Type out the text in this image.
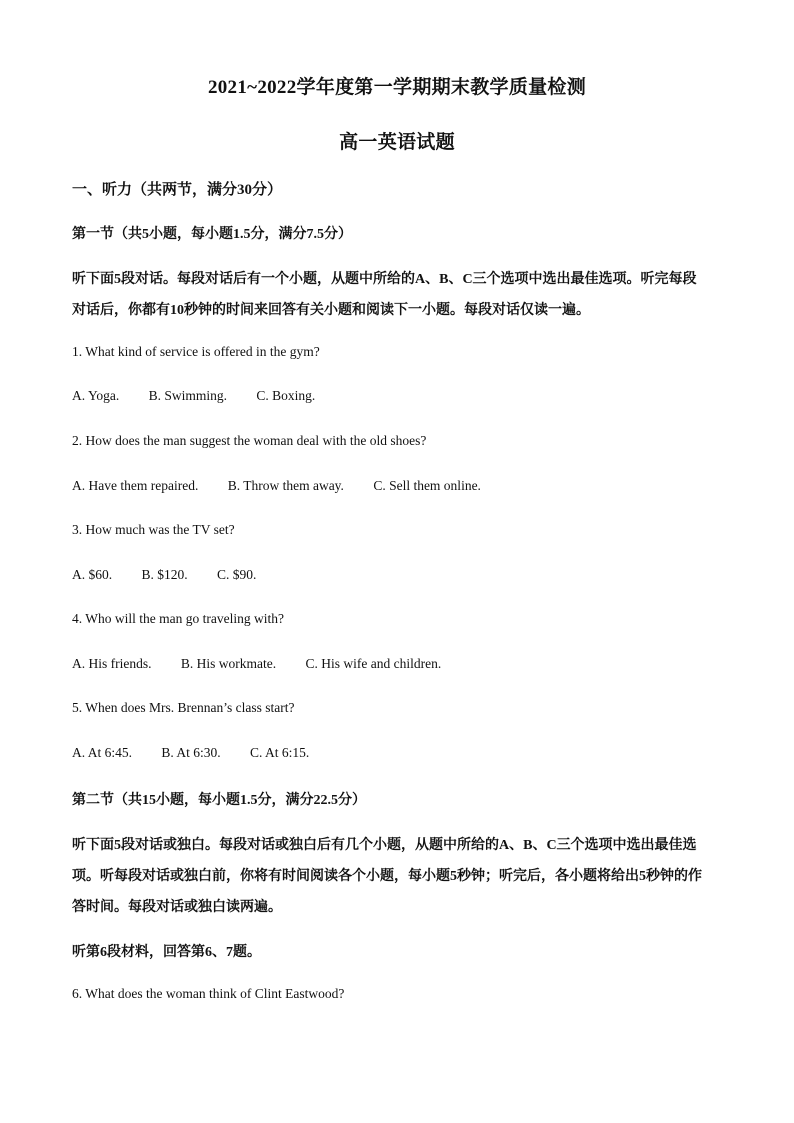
2021~2022学年度第一学期期末教学质量检测
高一英语试题
一、听力（共两节，满分30分）
第一节（共5小题，每小题1.5分，满分7.5分）
听下面5段对话。每段对话后有一个小题，从题中所给的A、B、C三个选项中选出最佳选项。听完每段
对话后，你都有10秒钟的时间来回答有关小题和阅读下一小题。每段对话仅读一遍。
1. What kind of service is offered in the gym?
A. Yoga. B. Swimming. C. Boxing.
2. How does the man suggest the woman deal with the old shoes?
A. Have them repaired. B. Throw them away. C. Sell them online.
3. How much was the TV set?
A. $60. B. $120. C. $90.
4. Who will the man go traveling with?
A. His friends. B. His workmate. C. His wife and children.
5. When does Mrs. Brennan’s class start?
A. At 6:45. B. At 6:30. C. At 6:15.
第二节（共15小题，每小题1.5分，满分22.5分）
听下面5段对话或独白。每段对话或独白后有几个小题，从题中所给的A、B、C三个选项中选出最佳选
项。听每段对话或独白前，你将有时间阅读各个小题，每小题5秒钟；听完后，各小题将给出5秒钟的作
答时间。每段对话或独白读两遍。
听第6段材料，回答第6、7题。
6. What does the woman think of Clint Eastwood?
